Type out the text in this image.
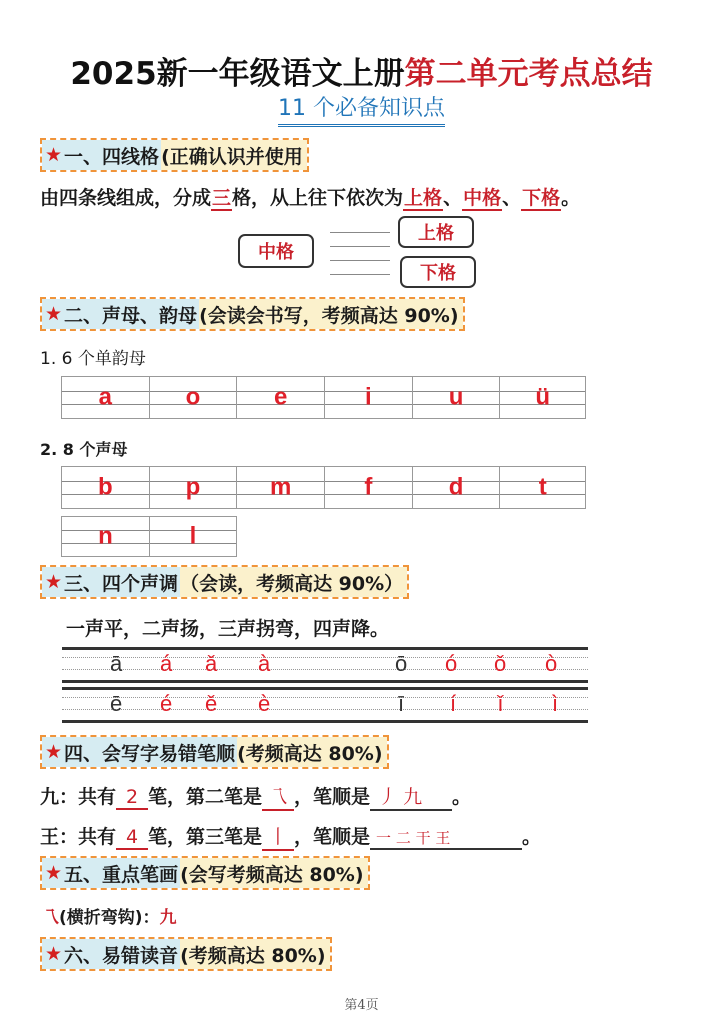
2025新一年级语文上册第二单元考点总结
11 个必备知识点
★ 一、四线格 (正确认识并使用
由四条线组成，分成三格，从上往下依次为上格、中格、下格。
中格
上格
下格
★ 二、声母、韵母 (会读会书写，考频高达 90%)
1. 6 个单韵母
a	o	e	i	u	ü
2. 8 个声母
b	p	m	f	d	t
n	l
★ 三、四个声调 （会读，考频高达 90%）
一声平，二声扬，三声拐弯，四声降。
ā á ǎ à	ō ó ǒ ò
ē é ě è	ī í ǐ ì
★ 四、会写字易错笔顺 (考频高达 80%)
九：共有 2 笔，第二笔是 乁 ，笔顺是 丿 九 。
王：共有 4 笔，第三笔是 丨 ，笔顺是 一 二 干 王	。
★ 五、重点笔画 (会写考频高达 80%)
乁(横折弯钩)：九
★ 六、易错读音 (考频高达 80%)
第4页
